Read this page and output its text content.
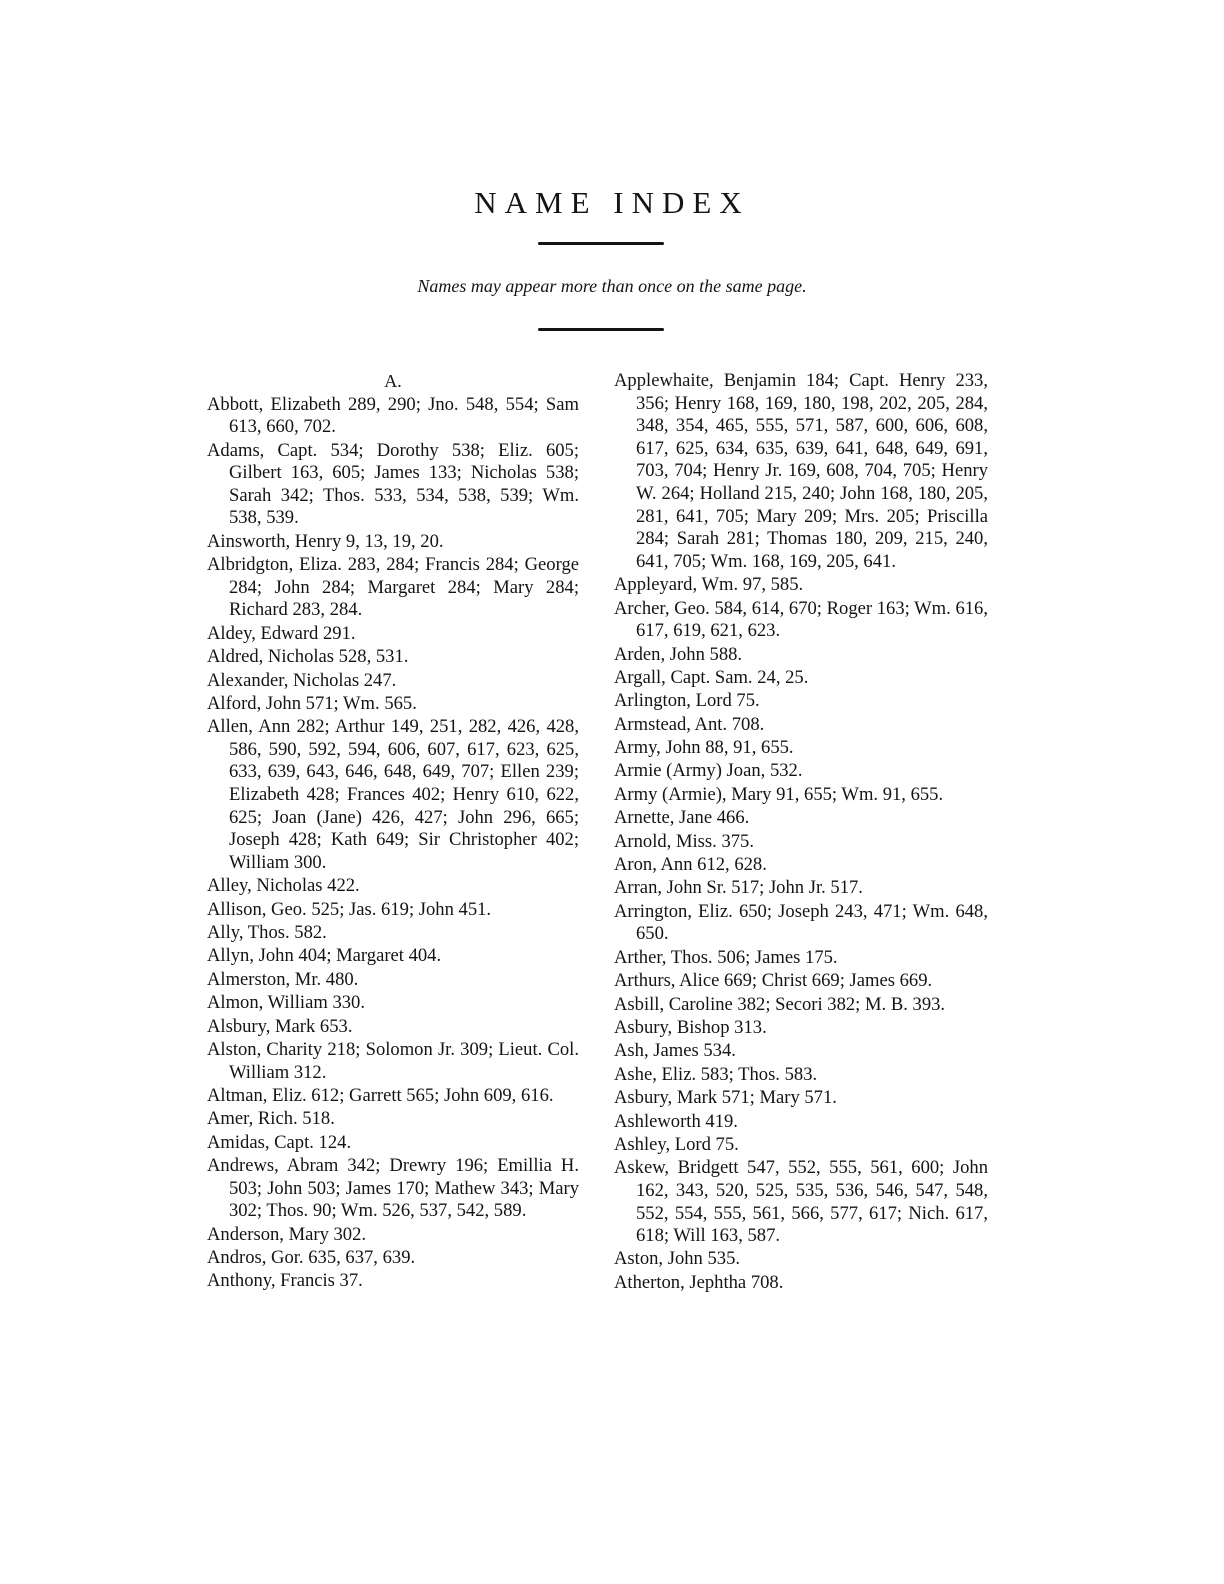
NAME INDEX
Names may appear more than once on the same page.

A.

Abbott, Elizabeth 289, 290; Jno. 548, 554; Sam 613, 660, 702.

Adams, Capt. 534; Dorothy 538; Eliz. 605; Gilbert 163, 605; James 133; Nicholas 538; Sarah 342; Thos. 533, 534, 538, 539; Wm. 538, 539.

Ainsworth, Henry 9, 13, 19, 20.

Albridgton, Eliza. 283, 284; Francis 284; George 284; John 284; Margaret 284; Mary 284; Richard 283, 284.

Aldey, Edward 291.

Aldred, Nicholas 528, 531.

Alexander, Nicholas 247.

Alford, John 571; Wm. 565.

Allen, Ann 282; Arthur 149, 251, 282, 426, 428, 586, 590, 592, 594, 606, 607, 617, 623, 625, 633, 639, 643, 646, 648, 649, 707; Ellen 239; Elizabeth 428; Frances 402; Henry 610, 622, 625; Joan (Jane) 426, 427; John 296, 665; Joseph 428; Kath 649; Sir Christopher 402; William 300.

Alley, Nicholas 422.

Allison, Geo. 525; Jas. 619; John 451.

Ally, Thos. 582.

Allyn, John 404; Margaret 404.

Almerston, Mr. 480.

Almon, William 330.

Alsbury, Mark 653.

Alston, Charity 218; Solomon Jr. 309; Lieut. Col. William 312.

Altman, Eliz. 612; Garrett 565; John 609, 616.

Amer, Rich. 518.

Amidas, Capt. 124.

Andrews, Abram 342; Drewry 196; Emillia H. 503; John 503; James 170; Mathew 343; Mary 302; Thos. 90; Wm. 526, 537, 542, 589.

Anderson, Mary 302.

Andros, Gor. 635, 637, 639.

Anthony, Francis 37.

Applewhaite, Benjamin 184; Capt. Henry 233, 356; Henry 168, 169, 180, 198, 202, 205, 284, 348, 354, 465, 555, 571, 587, 600, 606, 608, 617, 625, 634, 635, 639, 641, 648, 649, 691, 703, 704; Henry Jr. 169, 608, 704, 705; Henry W. 264; Holland 215, 240; John 168, 180, 205, 281, 641, 705; Mary 209; Mrs. 205; Priscilla 284; Sarah 281; Thomas 180, 209, 215, 240, 641, 705; Wm. 168, 169, 205, 641.

Appleyard, Wm. 97, 585.

Archer, Geo. 584, 614, 670; Roger 163; Wm. 616, 617, 619, 621, 623.

Arden, John 588.

Argall, Capt. Sam. 24, 25.

Arlington, Lord 75.

Armstead, Ant. 708.

Army, John 88, 91, 655.

Armie (Army) Joan, 532.

Army (Armie), Mary 91, 655; Wm. 91, 655.

Arnette, Jane 466.

Arnold, Miss. 375.

Aron, Ann 612, 628.

Arran, John Sr. 517; John Jr. 517.

Arrington, Eliz. 650; Joseph 243, 471; Wm. 648, 650.

Arther, Thos. 506; James 175.

Arthurs, Alice 669; Christ 669; James 669.

Asbill, Caroline 382; Secori 382; M. B. 393.

Asbury, Bishop 313.

Ash, James 534.

Ashe, Eliz. 583; Thos. 583.

Asbury, Mark 571; Mary 571.

Ashleworth 419.

Ashley, Lord 75.

Askew, Bridgett 547, 552, 555, 561, 600; John 162, 343, 520, 525, 535, 536, 546, 547, 548, 552, 554, 555, 561, 566, 577, 617; Nich. 617, 618; Will 163, 587.

Aston, John 535.

Atherton, Jephtha 708.
